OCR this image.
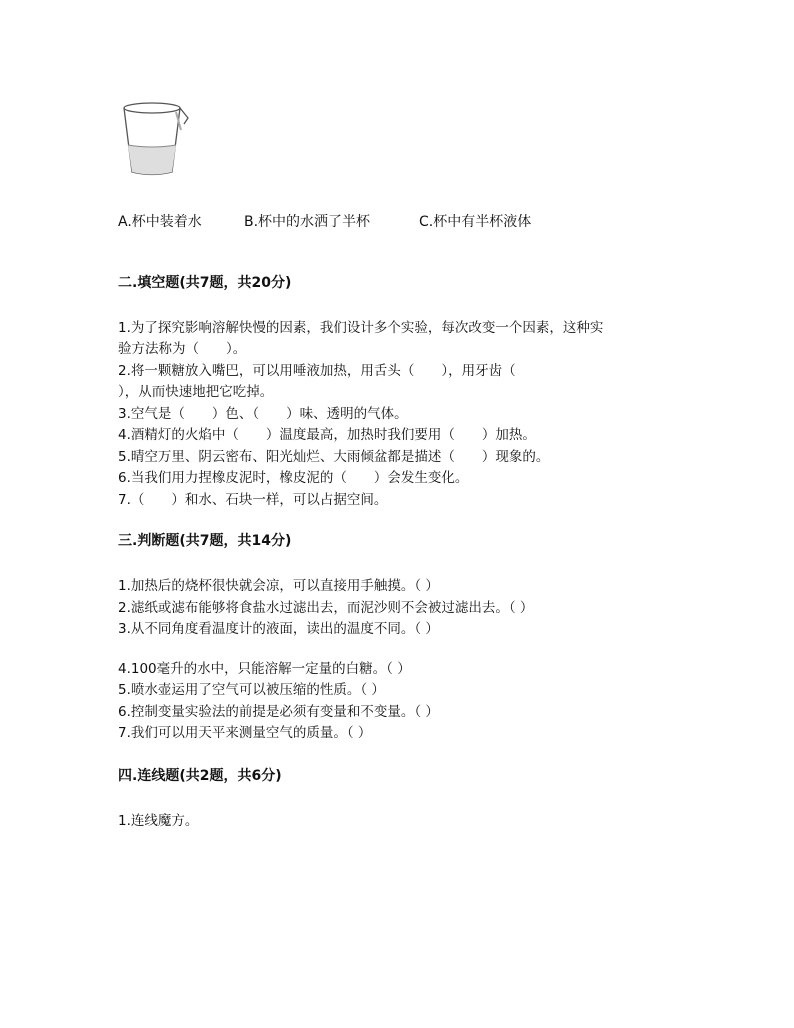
A.杯中装着水	B.杯中的水洒了半杯	C.杯中有半杯液体
二.填空题(共7题，共20分)
1.为了探究影响溶解快慢的因素，我们设计多个实验，每次改变一个因素，这种实
验方法称为（　　）。
2.将一颗糖放入嘴巴，可以用唾液加热，用舌头（　　），用牙齿（
），从而快速地把它吃掉。
3.空气是（　　）色、（　　）味、透明的气体。
4.酒精灯的火焰中（　　）温度最高，加热时我们要用（　　）加热。
5.晴空万里、阴云密布、阳光灿烂、大雨倾盆都是描述（　　）现象的。
6.当我们用力捏橡皮泥时，橡皮泥的（　　）会发生变化。
7.（　　）和水、石块一样，可以占据空间。
三.判断题(共7题，共14分)
1.加热后的烧杯很快就会凉，可以直接用手触摸。（ ）
2.滤纸或滤布能够将食盐水过滤出去，而泥沙则不会被过滤出去。（ ）
3.从不同角度看温度计的液面，读出的温度不同。（ ）
4.100毫升的水中，只能溶解一定量的白糖。（ ）
5.喷水壶运用了空气可以被压缩的性质。（ ）
6.控制变量实验法的前提是必须有变量和不变量。（ ）
7.我们可以用天平来测量空气的质量。（ ）
四.连线题(共2题，共6分)
1.连线魔方。
